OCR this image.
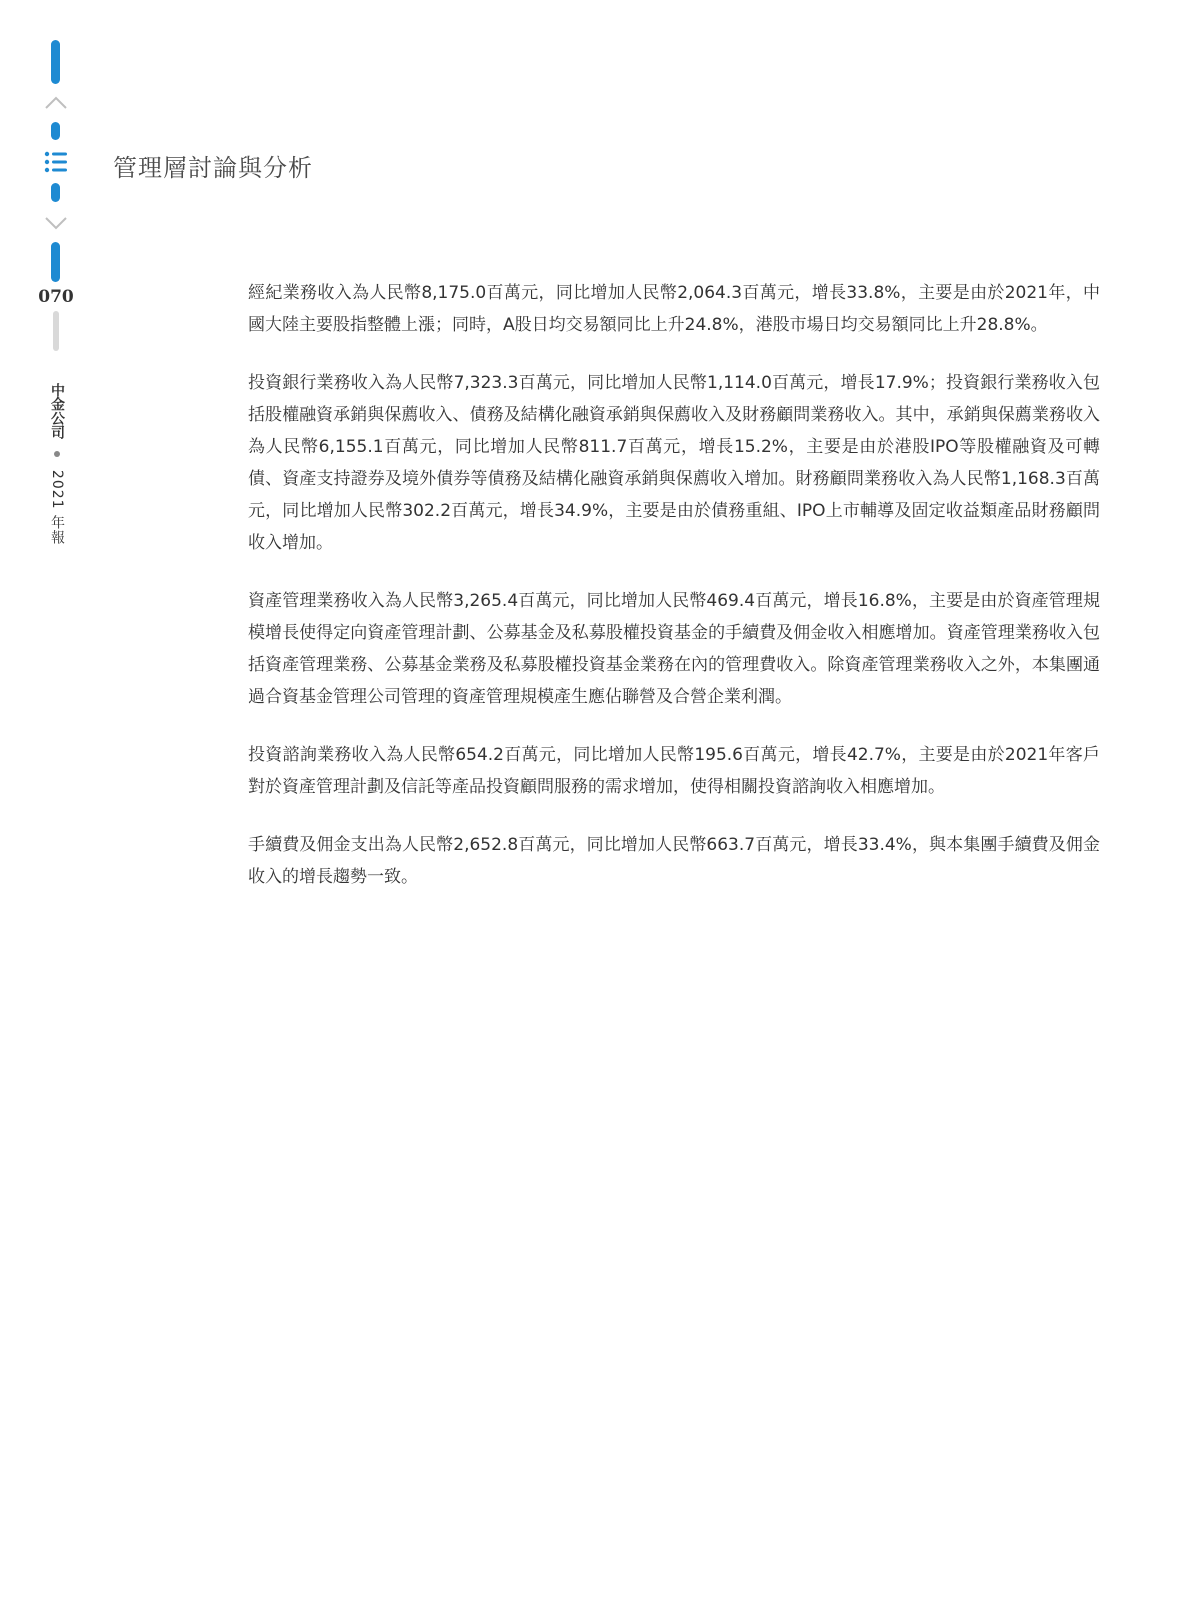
070
中金公司  2021 年報
管理層討論與分析

經紀業務收入為人民幣8,175.0百萬元，同比增加人民幣2,064.3百萬元，增長33.8%，主要是由於2021年，中國大陸主要股指整體上漲；同時，A股日均交易額同比上升24.8%，港股市場日均交易額同比上升28.8%。

投資銀行業務收入為人民幣7,323.3百萬元，同比增加人民幣1,114.0百萬元，增長17.9%；投資銀行業務收入包括股權融資承銷與保薦收入、債務及結構化融資承銷與保薦收入及財務顧問業務收入。其中，承銷與保薦業務收入為人民幣6,155.1百萬元，同比增加人民幣811.7百萬元，增長15.2%，主要是由於港股IPO等股權融資及可轉債、資產支持證券及境外債券等債務及結構化融資承銷與保薦收入增加。財務顧問業務收入為人民幣1,168.3百萬元，同比增加人民幣302.2百萬元，增長34.9%，主要是由於債務重組、IPO上市輔導及固定收益類產品財務顧問收入增加。

資產管理業務收入為人民幣3,265.4百萬元，同比增加人民幣469.4百萬元，增長16.8%，主要是由於資產管理規模增長使得定向資產管理計劃、公募基金及私募股權投資基金的手續費及佣金收入相應增加。資產管理業務收入包括資產管理業務、公募基金業務及私募股權投資基金業務在內的管理費收入。除資產管理業務收入之外，本集團通過合資基金管理公司管理的資產管理規模產生應佔聯營及合營企業利潤。

投資諮詢業務收入為人民幣654.2百萬元，同比增加人民幣195.6百萬元，增長42.7%，主要是由於2021年客戶對於資產管理計劃及信託等產品投資顧問服務的需求增加，使得相關投資諮詢收入相應增加。

手續費及佣金支出為人民幣2,652.8百萬元，同比增加人民幣663.7百萬元，增長33.4%，與本集團手續費及佣金收入的增長趨勢一致。
